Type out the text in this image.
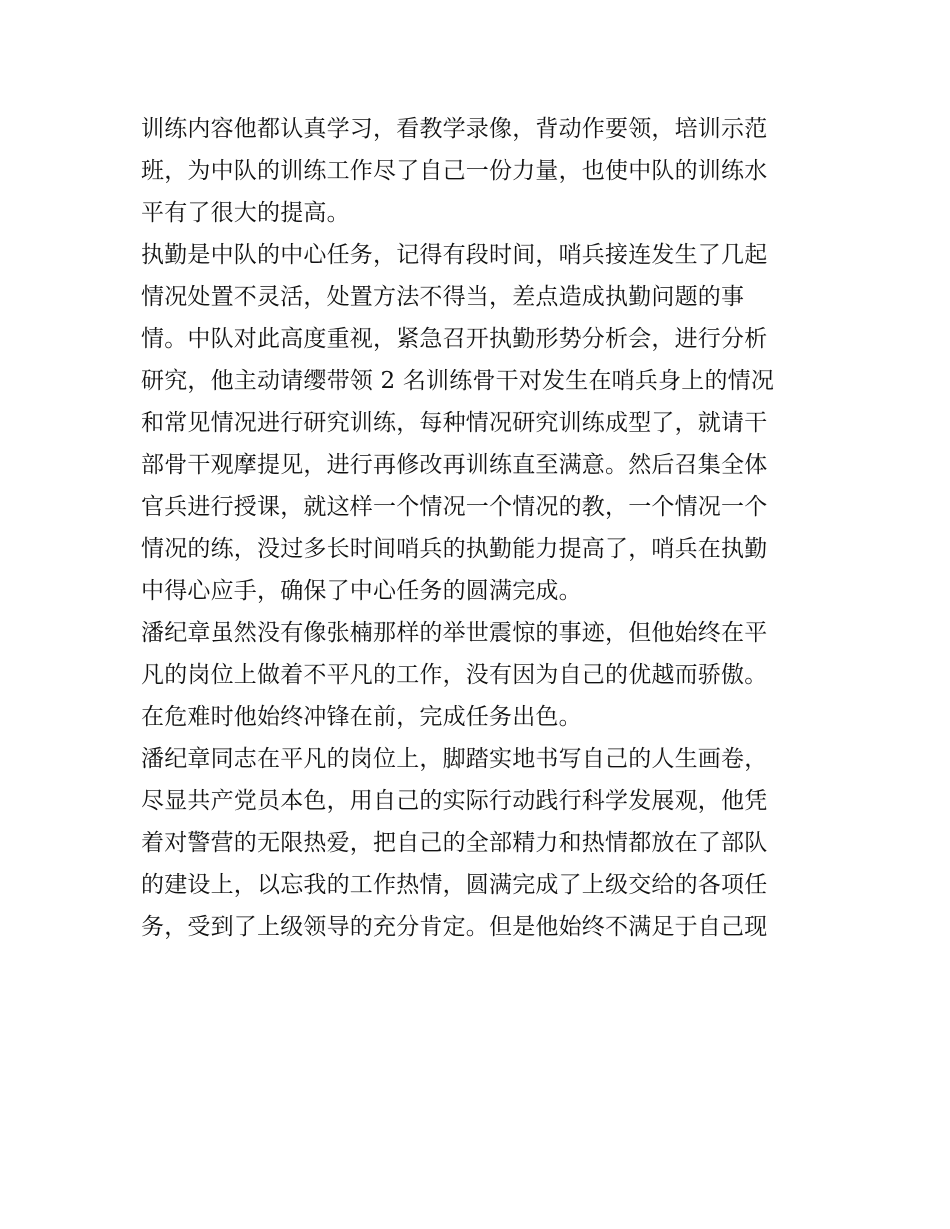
训练内容他都认真学习，看教学录像，背动作要领，培训示范
班，为中队的训练工作尽了自己一份力量，也使中队的训练水
平有了很大的提高。

执勤是中队的中心任务，记得有段时间，哨兵接连发生了几起
情况处置不灵活，处置方法不得当，差点造成执勤问题的事
情。中队对此高度重视，紧急召开执勤形势分析会，进行分析
研究，他主动请缨带领 2 名训练骨干对发生在哨兵身上的情况
和常见情况进行研究训练，每种情况研究训练成型了，就请干
部骨干观摩提见，进行再修改再训练直至满意。然后召集全体
官兵进行授课，就这样一个情况一个情况的教，一个情况一个
情况的练，没过多长时间哨兵的执勤能力提高了，哨兵在执勤
中得心应手，确保了中心任务的圆满完成。

潘纪章虽然没有像张楠那样的举世震惊的事迹，但他始终在平
凡的岗位上做着不平凡的工作，没有因为自己的优越而骄傲。
在危难时他始终冲锋在前，完成任务出色。

潘纪章同志在平凡的岗位上，脚踏实地书写自己的人生画卷，
尽显共产党员本色，用自己的实际行动践行科学发展观，他凭
着对警营的无限热爱，把自己的全部精力和热情都放在了部队
的建设上，以忘我的工作热情，圆满完成了上级交给的各项任
务，受到了上级领导的充分肯定。但是他始终不满足于自己现
